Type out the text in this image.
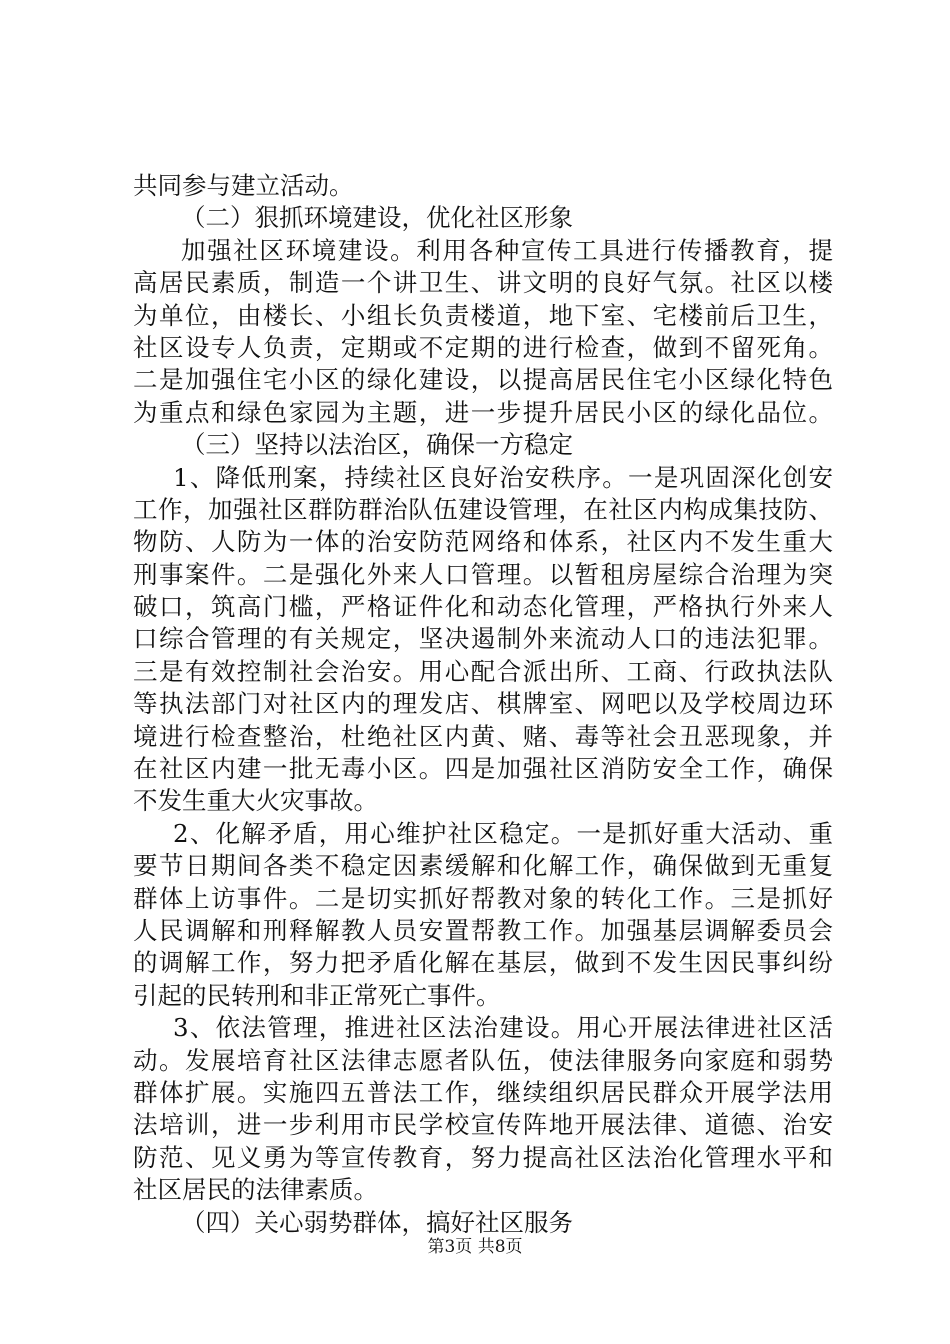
共同参与建立活动。
（二）狠抓环境建设，优化社区形象
加强社区环境建设。利用各种宣传工具进行传播教育，提
高居民素质，制造一个讲卫生、讲文明的良好气氛。社区以楼
为单位，由楼长、小组长负责楼道，地下室、宅楼前后卫生，
社区设专人负责，定期或不定期的进行检查，做到不留死角。
二是加强住宅小区的绿化建设，以提高居民住宅小区绿化特色
为重点和绿色家园为主题，进一步提升居民小区的绿化品位。
（三）坚持以法治区，确保一方稳定
1、降低刑案，持续社区良好治安秩序。一是巩固深化创安
工作，加强社区群防群治队伍建设管理，在社区内构成集技防、
物防、人防为一体的治安防范网络和体系，社区内不发生重大
刑事案件。二是强化外来人口管理。以暂租房屋综合治理为突
破口，筑高门槛，严格证件化和动态化管理，严格执行外来人
口综合管理的有关规定，坚决遏制外来流动人口的违法犯罪。
三是有效控制社会治安。用心配合派出所、工商、行政执法队
等执法部门对社区内的理发店、棋牌室、网吧以及学校周边环
境进行检查整治，杜绝社区内黄、赌、毒等社会丑恶现象，并
在社区内建一批无毒小区。四是加强社区消防安全工作，确保
不发生重大火灾事故。
2、化解矛盾，用心维护社区稳定。一是抓好重大活动、重
要节日期间各类不稳定因素缓解和化解工作，确保做到无重复
群体上访事件。二是切实抓好帮教对象的转化工作。三是抓好
人民调解和刑释解教人员安置帮教工作。加强基层调解委员会
的调解工作，努力把矛盾化解在基层，做到不发生因民事纠纷
引起的民转刑和非正常死亡事件。
3、依法管理，推进社区法治建设。用心开展法律进社区活
动。发展培育社区法律志愿者队伍，使法律服务向家庭和弱势
群体扩展。实施四五普法工作，继续组织居民群众开展学法用
法培训，进一步利用市民学校宣传阵地开展法律、道德、治安
防范、见义勇为等宣传教育，努力提高社区法治化管理水平和
社区居民的法律素质。
（四）关心弱势群体，搞好社区服务
第3页 共8页
